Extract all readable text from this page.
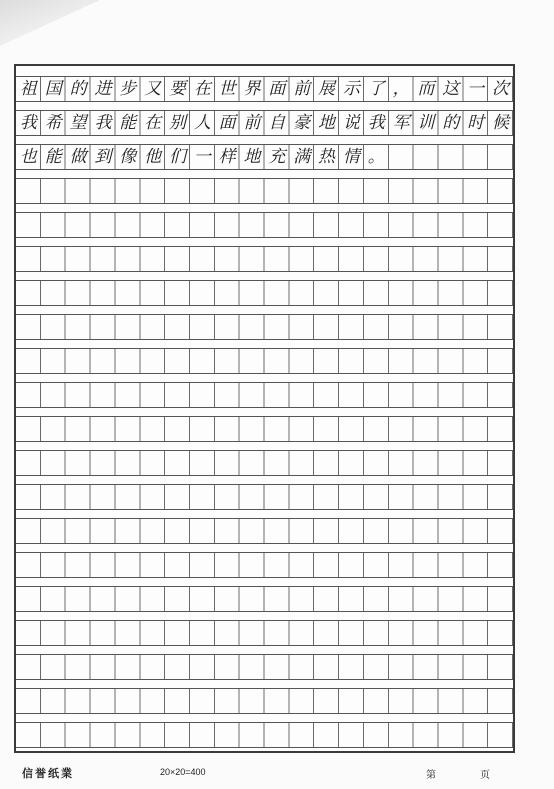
祖 国 的 进 步 又 要 在 世 界 面 前 展 示 了 ， 而 这 一 次
我 希 望 我 能 在 别 人 面 前 自 豪 地 说 我 军 训 的 时 候
也 能 做 到 像 他 们 一 样 地 充 满 热 情 。
信誉纸業	20×20=400	第	页
